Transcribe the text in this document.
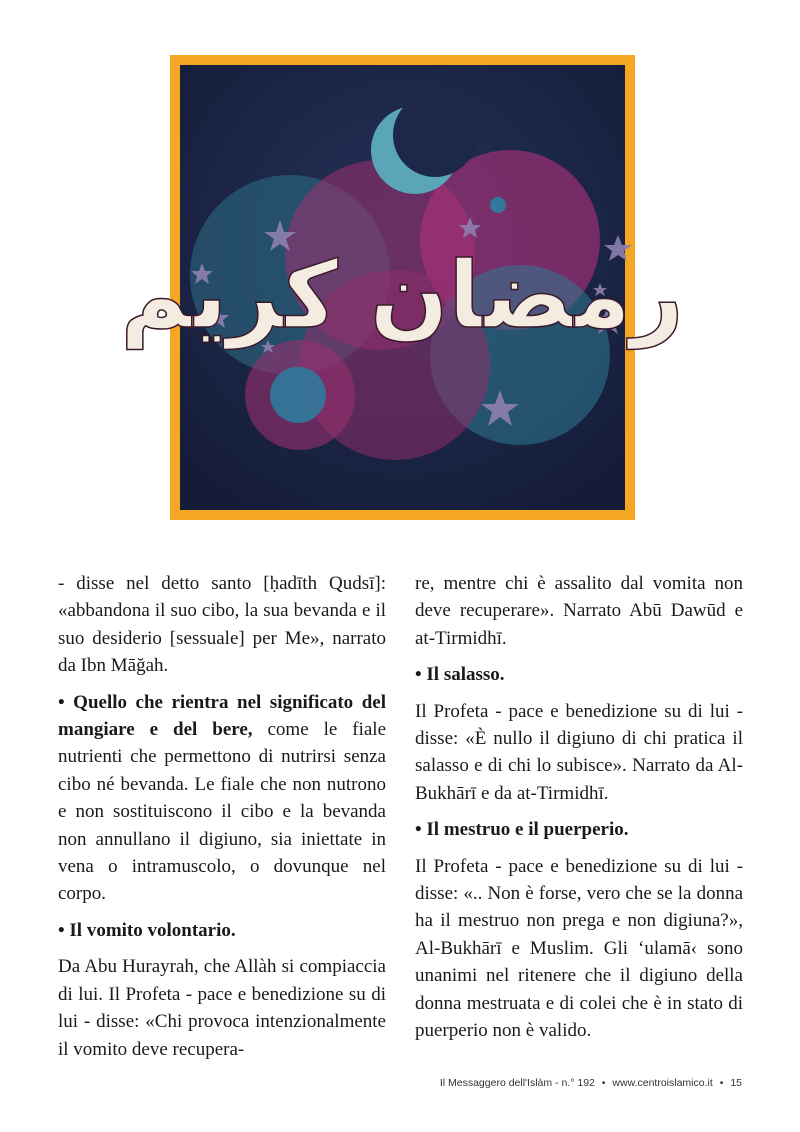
رمضان كريم

- disse nel detto santo [ḥadīth Qudsī]: «abbandona il suo cibo, la sua bevanda e il suo desiderio [sessuale] per Me», narrato da Ibn Māğah.

• Quello che rientra nel significato del mangiare e del bere, come le fiale nutrienti che permettono di nutrirsi senza cibo né bevanda. Le fiale che non nutrono e non sostituiscono il cibo e la bevanda non annullano il digiuno, sia iniettate in vena o intramuscolo, o dovunque nel corpo.

• Il vomito volontario.

Da Abu Hurayrah, che Allàh si compiaccia di lui. Il Profeta - pace e benedizione su di lui - disse: «Chi provoca intenzionalmente il vomito deve recupera-

re, mentre chi è assalito dal vomita non deve recuperare». Narrato Abū Dawūd e at-Tirmidhī.

• Il salasso.

Il Profeta - pace e benedizione su di lui - disse: «È nullo il digiuno di chi pratica il salasso e di chi lo subisce». Narrato da Al-Bukhārī e da at-Tirmidhī.

• Il mestruo e il puerperio.

Il Profeta - pace e benedizione su di lui - disse: «.. Non è forse, vero che se la donna ha il mestruo non prega e non digiuna?», Al-Bukhārī e Muslim. Gli ‘ulamā‹ sono unanimi nel ritenere che il digiuno della donna mestruata e di colei che è in stato di puerperio non è valido.

Il Messaggero dell'Islàm - n.° 192 • www.centroislamico.it • 15
